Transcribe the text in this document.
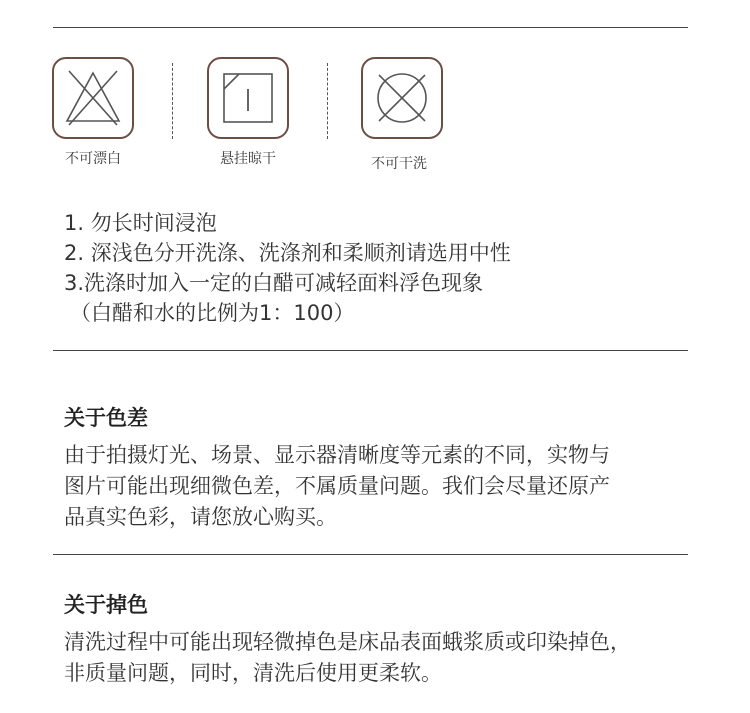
不可漂白	悬挂晾干	不可干洗
1. 勿长时间浸泡
2. 深浅色分开洗涤、洗涤剂和柔顺剂请选用中性
3.洗涤时加入一定的白醋可减轻面料浮色现象
（白醋和水的比例为1：100）
关于色差

由于拍摄灯光、场景、显示器清晰度等元素的不同，实物与

图片可能出现细微色差，不属质量问题。我们会尽量还原产

品真实色彩，请您放心购买。

关于掉色

清洗过程中可能出现轻微掉色是床品表面蛾浆质或印染掉色，

非质量问题，同时，清洗后使用更柔软。
